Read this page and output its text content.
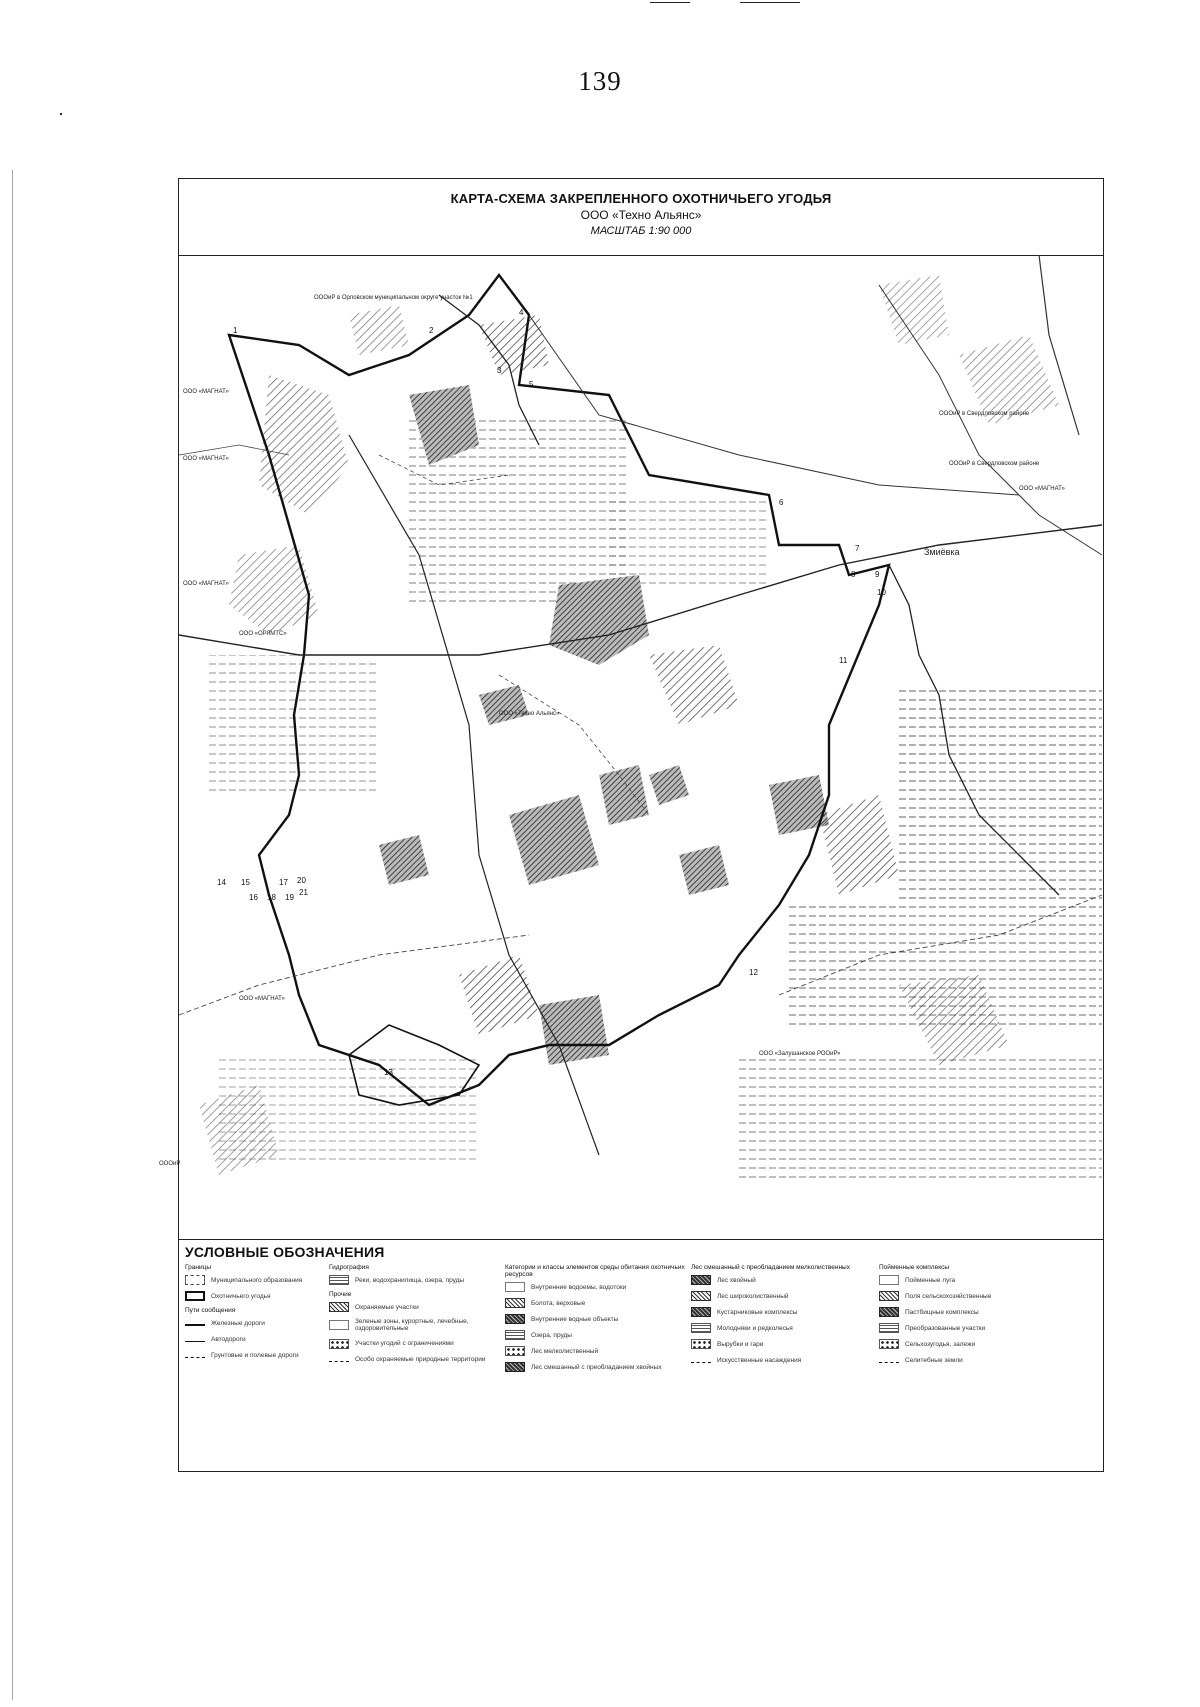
139
КАРТА-СХЕМА ЗАКРЕПЛЕННОГО ОХОТНИЧЬЕГО УГОДЬЯ
ООО «Техно Альянс»
МАСШТАБ 1:90 000
ОООиР в Орловском муниципальном округе участок №1
ООО «МАГНАТ»
ООО «МАГНАТ»
ООО «МАГНАТ»
ООО «ОРЛМТС»
ООО «МАГНАТ»
ОООиР
ОООиР в Свердловском районе
ОООиР в Свердловском районе
ООО «Залушанское РООиР»
ООО «МАГНАТ»
ООО «Техно Альянс»
Змиёвка
1	2
3
4
5
6
7
8 9
10
11
12
13
14 15
16
17
18 19
20
21
УСЛОВНЫЕ ОБОЗНАЧЕНИЯ
Границы
Муниципального образования
Охотничьего угодья
Пути сообщения
Железные дороги
Автодороги
Грунтовые и полевые дороги
Гидрография
Реки, водохранилища, озера, пруды
Прочие
Охраняемые участки
Зеленые зоны, курортные, лечебные, оздоровительные
Участки угодий с ограничениями
Особо охраняемые природные территории
Категории и классы элементов среды обитания охотничьих ресурсов
Внутренние водоемы, водотоки
Болота, верховые
Внутренние водные объекты
Озера, пруды
Лес мелколиственный
Лес смешанный с преобладанием хвойных
Лес смешанный с преобладанием мелколиственных
Лес хвойный
Лес широколиственный
Кустарниковые комплексы
Молодняки и редколесья
Вырубки и гари
Искусственные насаждения
Пойменные комплексы
Пойменные луга
Поля сельскохозяйственные
Пастбищные комплексы
Преобразованные участки
Сельхозугодья, залежи
Селитебные земли
